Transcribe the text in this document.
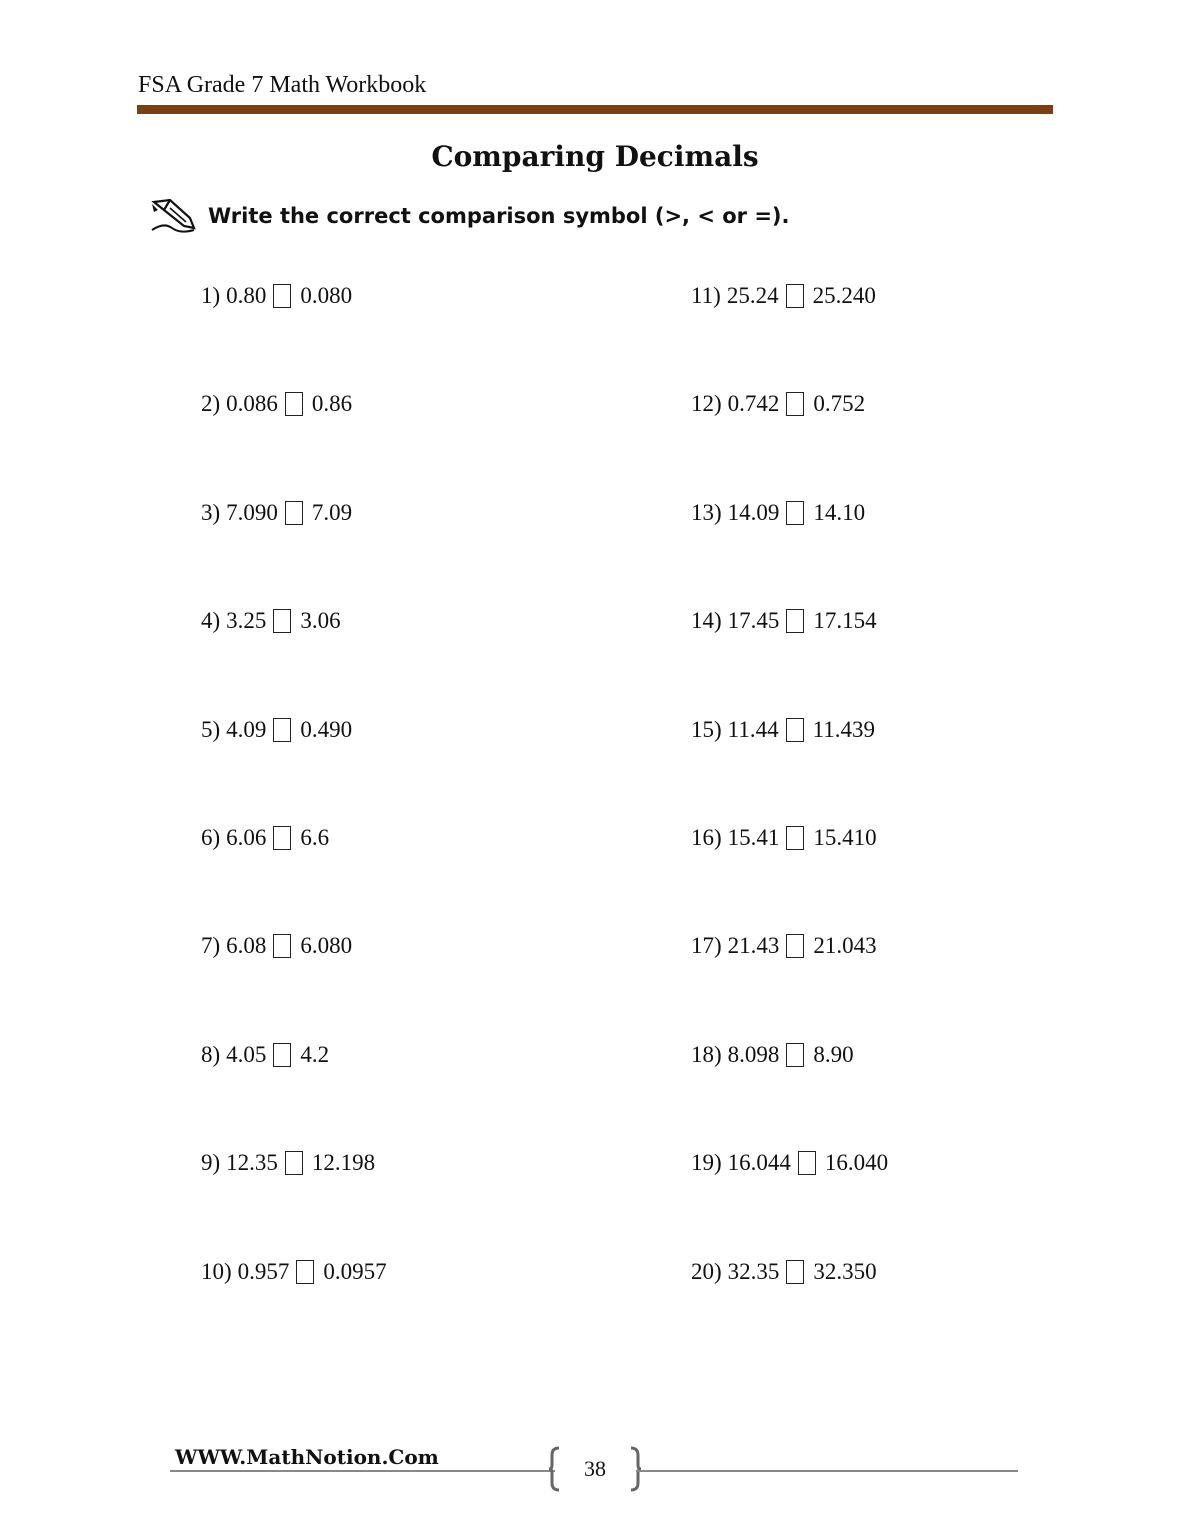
FSA Grade 7 Math Workbook
Comparing Decimals
Write the correct comparison symbol (>, < or =).
1) 0.80 0.080
2) 0.086 0.86
3) 7.090 7.09
4) 3.25 3.06
5) 4.09 0.490
6) 6.06 6.6
7) 6.08 6.080
8) 4.05 4.2
9) 12.35 12.198
10) 0.957 0.0957
11) 25.24 25.240
12) 0.742 0.752
13) 14.09 14.10
14) 17.45 17.154
15) 11.44 11.439
16) 15.41 15.410
17) 21.43 21.043
18) 8.098 8.90
19) 16.044 16.040
20) 32.35 32.350
WWW.MathNotion.Com	38
